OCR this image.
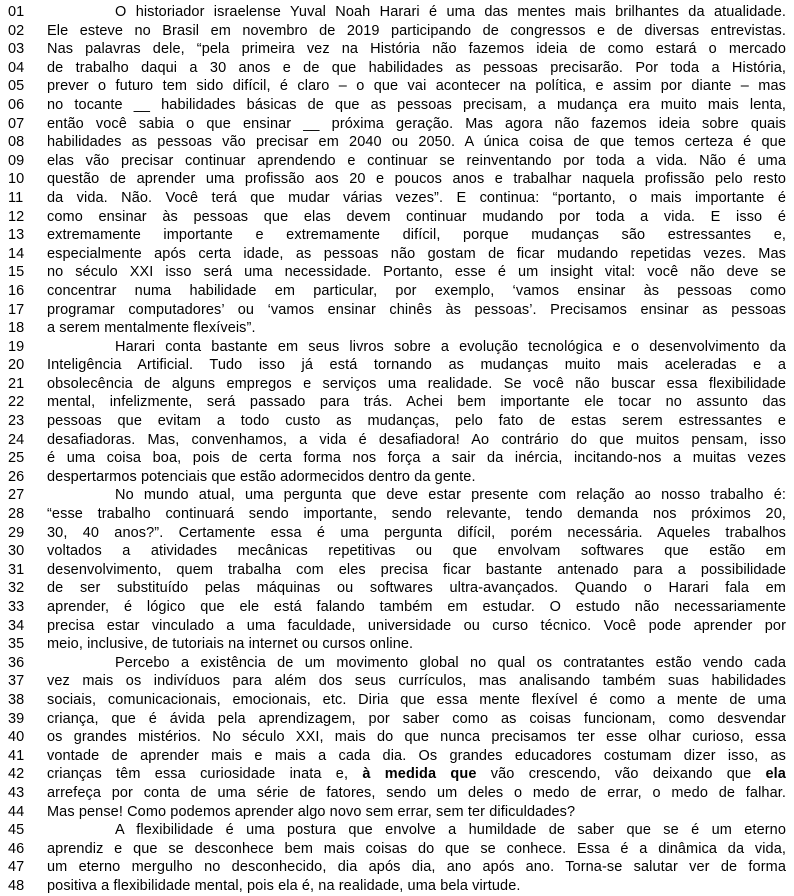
01	O historiador israelense Yuval Noah Harari é uma das mentes mais brilhantes da atualidade.
02	Ele esteve no Brasil em novembro de 2019 participando de congressos e de diversas entrevistas.
03	Nas palavras dele, “pela primeira vez na História não fazemos ideia de como estará o mercado
04	de trabalho daqui a 30 anos e de que habilidades as pessoas precisarão. Por toda a História,
05	prever o futuro tem sido difícil, é claro – o que vai acontecer na política, e assim por diante – mas
06	no tocante __ habilidades básicas de que as pessoas precisam, a mudança era muito mais lenta,
07	então você sabia o que ensinar __ próxima geração. Mas agora não fazemos ideia sobre quais
08	habilidades as pessoas vão precisar em 2040 ou 2050. A única coisa de que temos certeza é que
09	elas vão precisar continuar aprendendo e continuar se reinventando por toda a vida. Não é uma
10	questão de aprender uma profissão aos 20 e poucos anos e trabalhar naquela profissão pelo resto
11	da vida. Não. Você terá que mudar várias vezes”. E continua: “portanto, o mais importante é
12	como ensinar às pessoas que elas devem continuar mudando por toda a vida. E isso é
13	extremamente importante e extremamente difícil, porque mudanças são estressantes e,
14	especialmente após certa idade, as pessoas não gostam de ficar mudando repetidas vezes. Mas
15	no século XXI isso será uma necessidade. Portanto, esse é um insight vital: você não deve se
16	concentrar numa habilidade em particular, por exemplo, ‘vamos ensinar às pessoas como
17	programar computadores’ ou ‘vamos ensinar chinês às pessoas’. Precisamos ensinar as pessoas
18	a serem mentalmente flexíveis”.
19	Harari conta bastante em seus livros sobre a evolução tecnológica e o desenvolvimento da
20	Inteligência Artificial. Tudo isso já está tornando as mudanças muito mais aceleradas e a
21	obsolecência de alguns empregos e serviços uma realidade. Se você não buscar essa flexibilidade
22	mental, infelizmente, será passado para trás. Achei bem importante ele tocar no assunto das
23	pessoas que evitam a todo custo as mudanças, pelo fato de estas serem estressantes e
24	desafiadoras. Mas, convenhamos, a vida é desafiadora! Ao contrário do que muitos pensam, isso
25	é uma coisa boa, pois de certa forma nos força a sair da inércia, incitando-nos a muitas vezes
26	despertarmos potenciais que estão adormecidos dentro da gente.
27	No mundo atual, uma pergunta que deve estar presente com relação ao nosso trabalho é:
28	“esse trabalho continuará sendo importante, sendo relevante, tendo demanda nos próximos 20,
29	30, 40 anos?”. Certamente essa é uma pergunta difícil, porém necessária. Aqueles trabalhos
30	voltados a atividades mecânicas repetitivas ou que envolvam softwares que estão em
31	desenvolvimento, quem trabalha com eles precisa ficar bastante antenado para a possibilidade
32	de ser substituído pelas máquinas ou softwares ultra-avançados. Quando o Harari fala em
33	aprender, é lógico que ele está falando também em estudar. O estudo não necessariamente
34	precisa estar vinculado a uma faculdade, universidade ou curso técnico. Você pode aprender por
35	meio, inclusive, de tutoriais na internet ou cursos online.
36	Percebo a existência de um movimento global no qual os contratantes estão vendo cada
37	vez mais os indivíduos para além dos seus currículos, mas analisando também suas habilidades
38	sociais, comunicacionais, emocionais, etc. Diria que essa mente flexível é como a mente de uma
39	criança, que é ávida pela aprendizagem, por saber como as coisas funcionam, como desvendar
40	os grandes mistérios. No século XXI, mais do que nunca precisamos ter esse olhar curioso, essa
41	vontade de aprender mais e mais a cada dia. Os grandes educadores costumam dizer isso, as
42	crianças têm essa curiosidade inata e, à medida que vão crescendo, vão deixando que ela
43	arrefeça por conta de uma série de fatores, sendo um deles o medo de errar, o medo de falhar.
44	Mas pense! Como podemos aprender algo novo sem errar, sem ter dificuldades?
45	A flexibilidade é uma postura que envolve a humildade de saber que se é um eterno
46	aprendiz e que se desconhece bem mais coisas do que se conhece. Essa é a dinâmica da vida,
47	um eterno mergulho no desconhecido, dia após dia, ano após ano. Torna-se salutar ver de forma
48	positiva a flexibilidade mental, pois ela é, na realidade, uma bela virtude.
